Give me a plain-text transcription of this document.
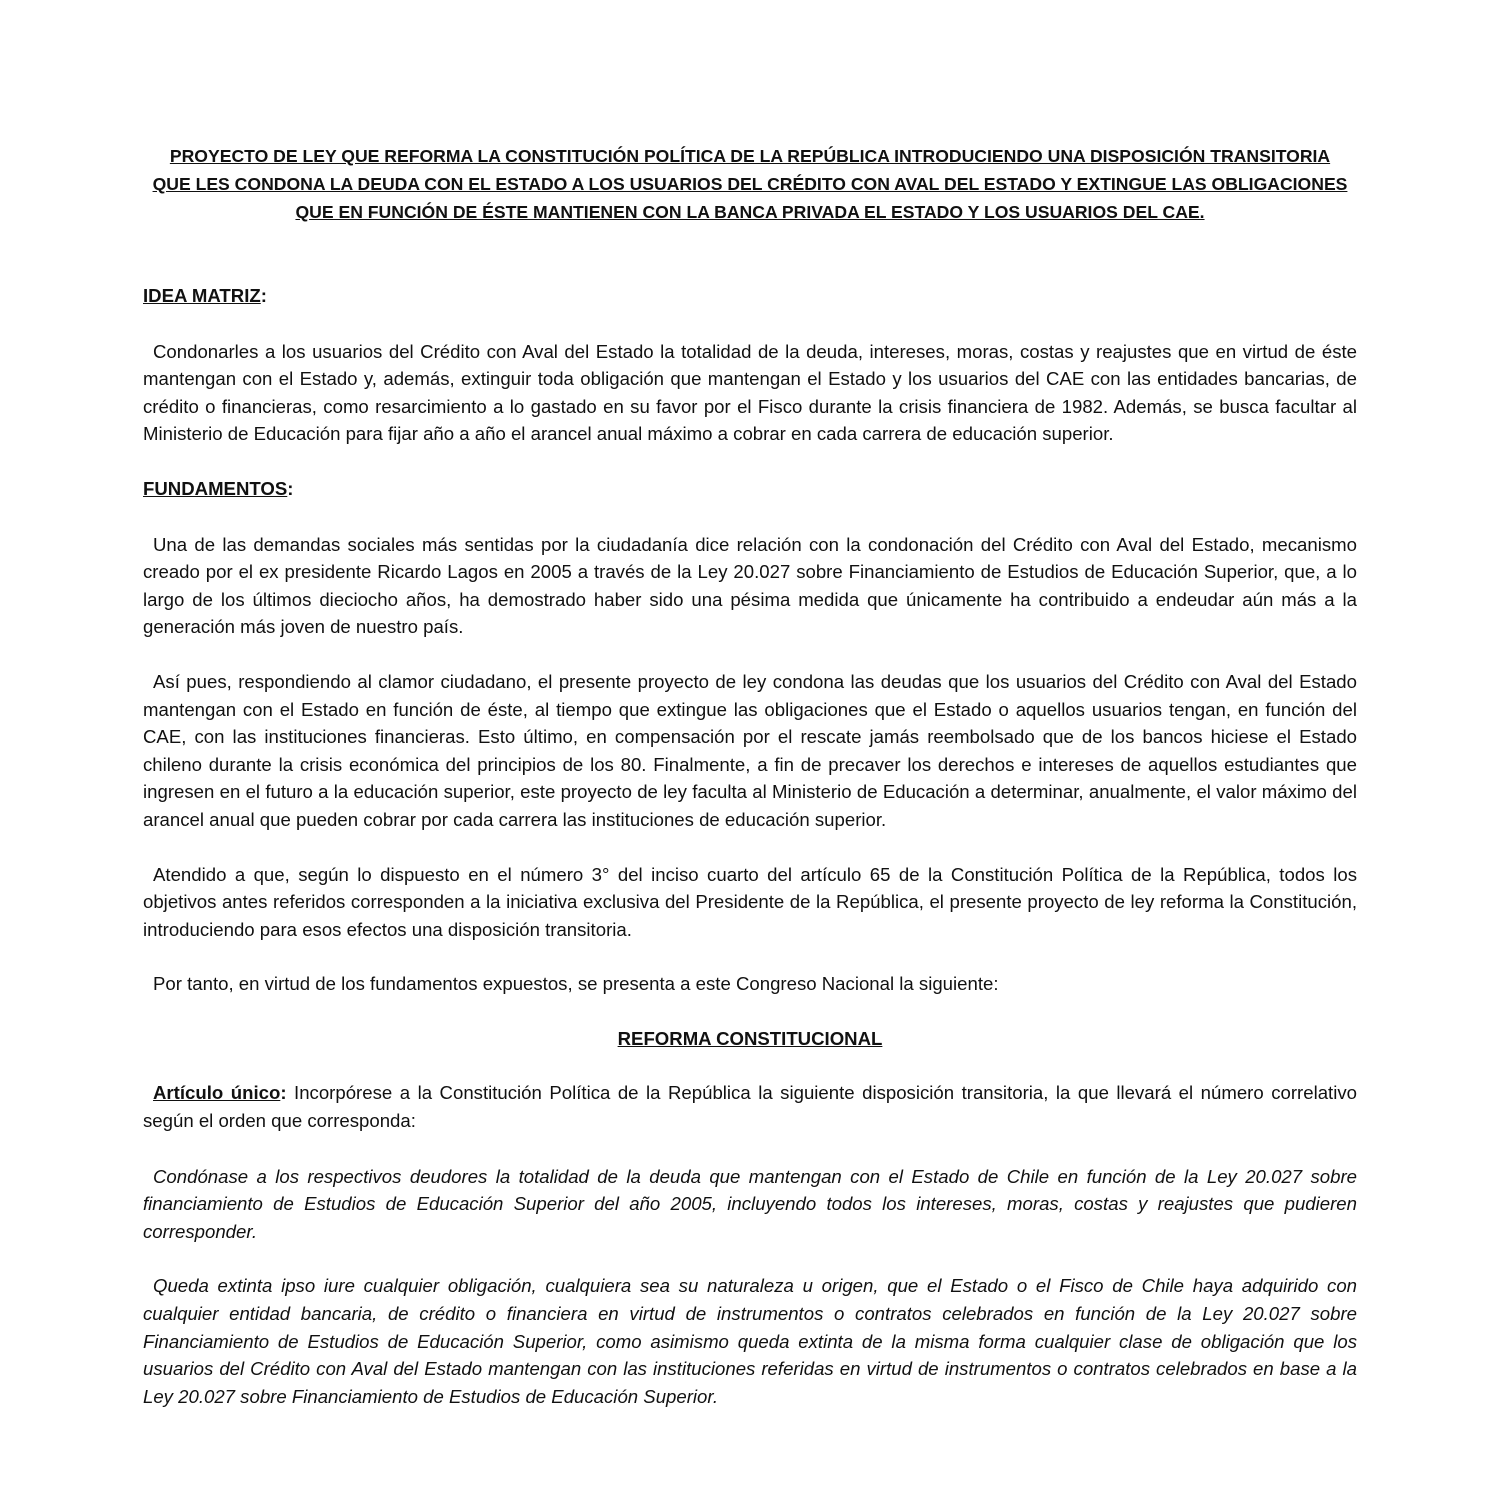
PROYECTO DE LEY QUE REFORMA LA CONSTITUCIÓN POLÍTICA DE LA REPÚBLICA INTRODUCIENDO UNA DISPOSICIÓN TRANSITORIA QUE LES CONDONA LA DEUDA CON EL ESTADO A LOS USUARIOS DEL CRÉDITO CON AVAL DEL ESTADO Y EXTINGUE LAS OBLIGACIONES QUE EN FUNCIÓN DE ÉSTE MANTIENEN CON LA BANCA PRIVADA EL ESTADO Y LOS USUARIOS DEL CAE.

IDEA MATRIZ:

Condonarles a los usuarios del Crédito con Aval del Estado la totalidad de la deuda, intereses, moras, costas y reajustes que en virtud de éste mantengan con el Estado y, además, extinguir toda obligación que mantengan el Estado y los usuarios del CAE con las entidades bancarias, de crédito o financieras, como resarcimiento a lo gastado en su favor por el Fisco durante la crisis financiera de 1982. Además, se busca facultar al Ministerio de Educación para fijar año a año el arancel anual máximo a cobrar en cada carrera de educación superior.

FUNDAMENTOS:

Una de las demandas sociales más sentidas por la ciudadanía dice relación con la condonación del Crédito con Aval del Estado, mecanismo creado por el ex presidente Ricardo Lagos en 2005 a través de la Ley 20.027 sobre Financiamiento de Estudios de Educación Superior, que, a lo largo de los últimos dieciocho años, ha demostrado haber sido una pésima medida que únicamente ha contribuido a endeudar aún más a la generación más joven de nuestro país.

Así pues, respondiendo al clamor ciudadano, el presente proyecto de ley condona las deudas que los usuarios del Crédito con Aval del Estado mantengan con el Estado en función de éste, al tiempo que extingue las obligaciones que el Estado o aquellos usuarios tengan, en función del CAE, con las instituciones financieras. Esto último, en compensación por el rescate jamás reembolsado que de los bancos hiciese el Estado chileno durante la crisis económica del principios de los 80. Finalmente, a fin de precaver los derechos e intereses de aquellos estudiantes que ingresen en el futuro a la educación superior, este proyecto de ley faculta al Ministerio de Educación a determinar, anualmente, el valor máximo del arancel anual que pueden cobrar por cada carrera las instituciones de educación superior.

Atendido a que, según lo dispuesto en el número 3° del inciso cuarto del artículo 65 de la Constitución Política de la República, todos los objetivos antes referidos corresponden a la iniciativa exclusiva del Presidente de la República, el presente proyecto de ley reforma la Constitución, introduciendo para esos efectos una disposición transitoria.

Por tanto, en virtud de los fundamentos expuestos, se presenta a este Congreso Nacional la siguiente:

REFORMA CONSTITUCIONAL

Artículo único: Incorpórese a la Constitución Política de la República la siguiente disposición transitoria, la que llevará el número correlativo según el orden que corresponda:

Condónase a los respectivos deudores la totalidad de la deuda que mantengan con el Estado de Chile en función de la Ley 20.027 sobre financiamiento de Estudios de Educación Superior del año 2005, incluyendo todos los intereses, moras, costas y reajustes que pudieren corresponder.

Queda extinta ipso iure cualquier obligación, cualquiera sea su naturaleza u origen, que el Estado o el Fisco de Chile haya adquirido con cualquier entidad bancaria, de crédito o financiera en virtud de instrumentos o contratos celebrados en función de la Ley 20.027 sobre Financiamiento de Estudios de Educación Superior, como asimismo queda extinta de la misma forma cualquier clase de obligación que los usuarios del Crédito con Aval del Estado mantengan con las instituciones referidas en virtud de instrumentos o contratos celebrados en base a la Ley 20.027 sobre Financiamiento de Estudios de Educación Superior.
